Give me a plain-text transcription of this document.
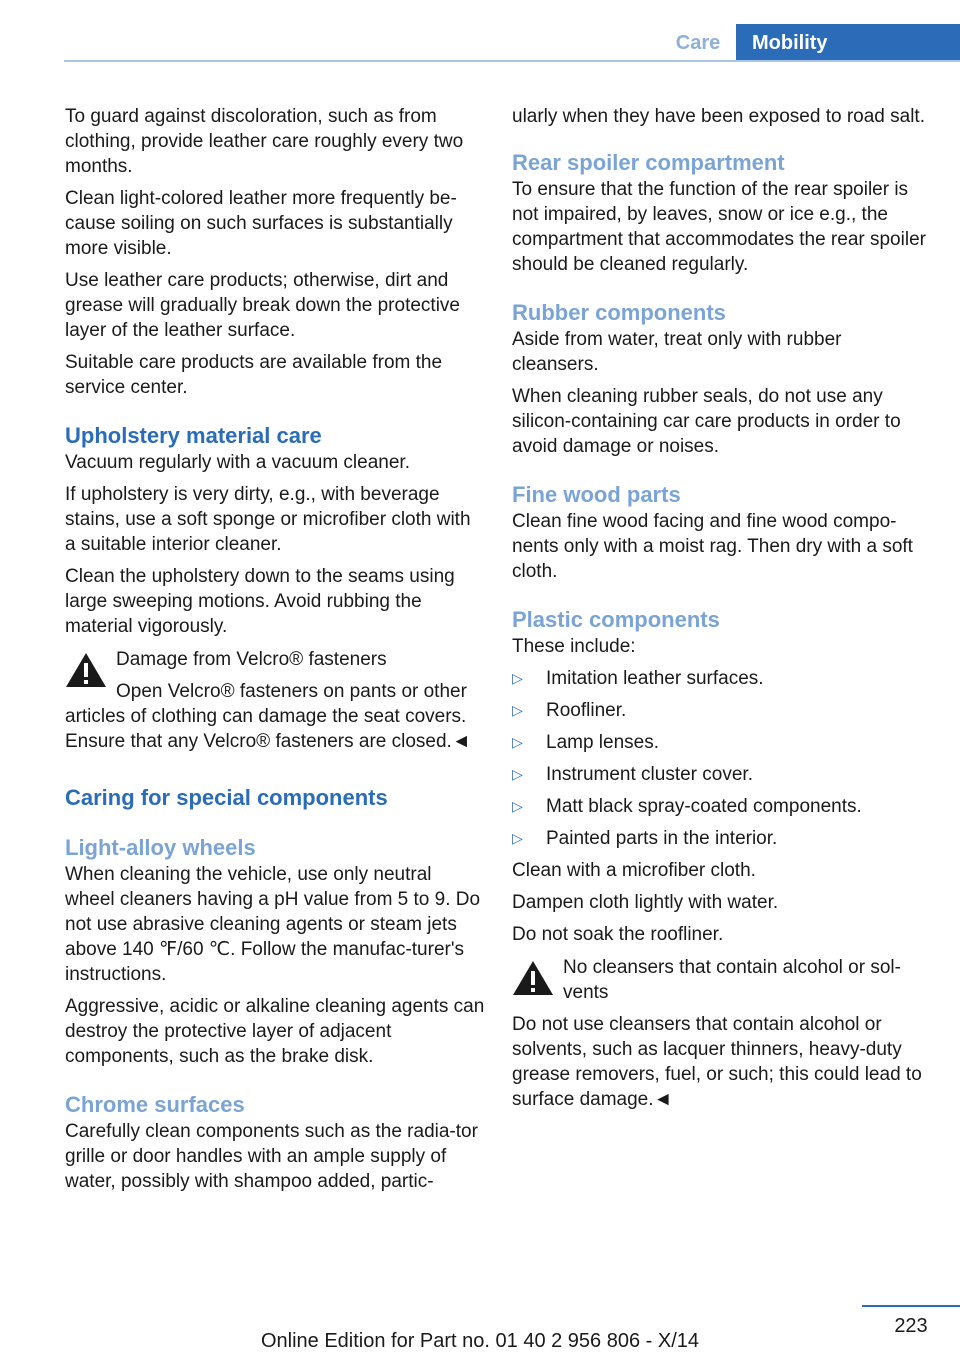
Care	Mobility

To guard against discoloration, such as from clothing, provide leather care roughly every two months.

Clean light-colored leather more frequently be‐cause soiling on such surfaces is substantially more visible.

Use leather care products; otherwise, dirt and grease will gradually break down the protective layer of the leather surface.

Suitable care products are available from the service center.

Upholstery material care

Vacuum regularly with a vacuum cleaner.

If upholstery is very dirty, e.g., with beverage stains, use a soft sponge or microfiber cloth with a suitable interior cleaner.

Clean the upholstery down to the seams using large sweeping motions. Avoid rubbing the material vigorously.

Damage from Velcro® fasteners

Open Velcro® fasteners on pants or other articles of clothing can damage the seat covers. Ensure that any Velcro® fasteners are closed.◄

Caring for special components
Light-alloy wheels

When cleaning the vehicle, use only neutral wheel cleaners having a pH value from 5 to 9. Do not use abrasive cleaning agents or steam jets above 140 ℉/60 ℃. Follow the manufac‐turer's instructions.

Aggressive, acidic or alkaline cleaning agents can destroy the protective layer of adjacent components, such as the brake disk.

Chrome surfaces

Carefully clean components such as the radia‐tor grille or door handles with an ample supply of water, possibly with shampoo added, partic‐

ularly when they have been exposed to road salt.

Rear spoiler compartment

To ensure that the function of the rear spoiler is not impaired, by leaves, snow or ice e.g., the compartment that accommodates the rear spoiler should be cleaned regularly.

Rubber components

Aside from water, treat only with rubber cleansers.

When cleaning rubber seals, do not use any silicon-containing car care products in order to avoid damage or noises.

Fine wood parts

Clean fine wood facing and fine wood compo‐nents only with a moist rag. Then dry with a soft cloth.

Plastic components

These include:

▷ Imitation leather surfaces.
▷ Roofliner.
▷ Lamp lenses.
▷ Instrument cluster cover.
▷ Matt black spray-coated components.
▷ Painted parts in the interior.

Clean with a microfiber cloth.

Dampen cloth lightly with water.

Do not soak the roofliner.

No cleansers that contain alcohol or sol‐vents

Do not use cleansers that contain alcohol or solvents, such as lacquer thinners, heavy-duty grease removers, fuel, or such; this could lead to surface damage.◄

223
Online Edition for Part no. 01 40 2 956 806 - X/14
